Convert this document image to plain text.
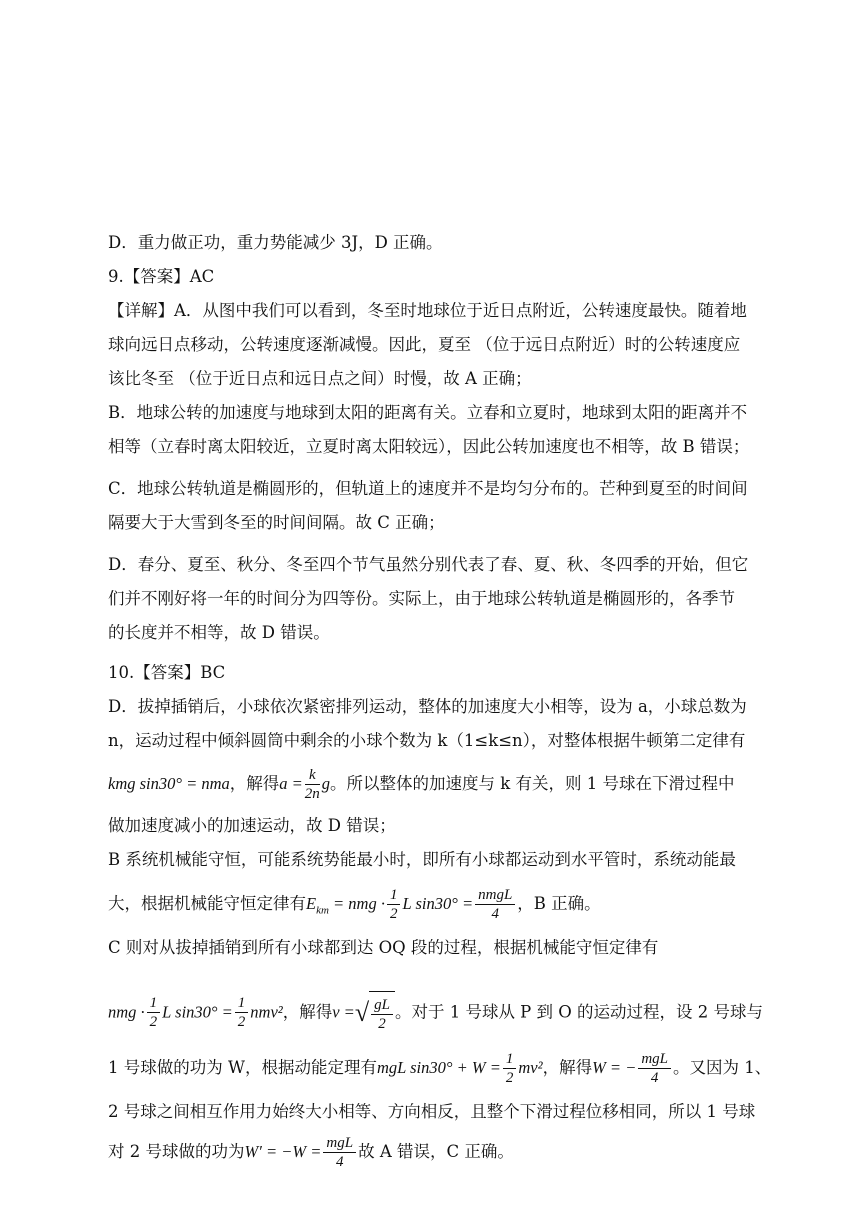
D．重力做正功，重力势能减少 3J，D 正确。
9.【答案】AC
【详解】A．从图中我们可以看到，冬至时地球位于近日点附近，公转速度最快。随着地
球向远日点移动，公转速度逐渐减慢。因此，夏至 （位于远日点附近）时的公转速度应
该比冬至 （位于近日点和远日点之间）时慢，故 A 正确；
B．地球公转的加速度与地球到太阳的距离有关。立春和立夏时，地球到太阳的距离并不
相等（立春时离太阳较近，立夏时离太阳较远），因此公转加速度也不相等，故 B 错误；
C．地球公转轨道是椭圆形的，但轨道上的速度并不是均匀分布的。芒种到夏至的时间间
隔要大于大雪到冬至的时间间隔。故 C 正确；
D．春分、夏至、秋分、冬至四个节气虽然分别代表了春、夏、秋、冬四季的开始，但它
们并不刚好将一年的时间分为四等份。实际上，由于地球公转轨道是椭圆形的，各季节
的长度并不相等，故 D 错误。
10.【答案】BC
D．拔掉插销后，小球依次紧密排列运动，整体的加速度大小相等，设为 a，小球总数为
n，运动过程中倾斜圆筒中剩余的小球个数为 k（1≤k≤n），对整体根据牛顿第二定律有
kmg sin30° = nma，解得$a = \frac{k}{2n}$ g。所以整体的加速度与 k 有关，则 1 号球在下滑过程中
做加速度减小的加速运动，故 D 错误；
B 系统机械能守恒，可能系统势能最小时，即所有小球都运动到水平管时，系统动能最
大，根据机械能守恒定律有$E_{km}$ = nmg · $\frac{1}{2}$ L $\sin 30^\circ = \frac{\text{nmgL}}{4}$ ，B 正确。
C 则对从拔掉插销到所有小球都到达 OQ 段的过程，根据机械能守恒定律有
nmg · $\frac{1}{2}$ L $\sin 30^\circ = \frac{1}{2} nmv^2$，解得v =√ $\frac{gL}{2}$ 。对于 1 号球从 P 到 O 的运动过程，设 2 号球与
1 号球做的功为 W，根据动能定理有mgL $\sin 30^\circ + W = \frac{1}{2} mv^2$，解得W = − $\frac{\text{mgL}}{4}$ 。又因为 1、
2 号球之间相互作用力始终大小相等、方向相反，且整个下滑过程位移相同，所以 1 号球
对 2 号球做的功为$W' = -W = \frac{\text{mgL}}{4}$ 故 A 错误，C 正确。
